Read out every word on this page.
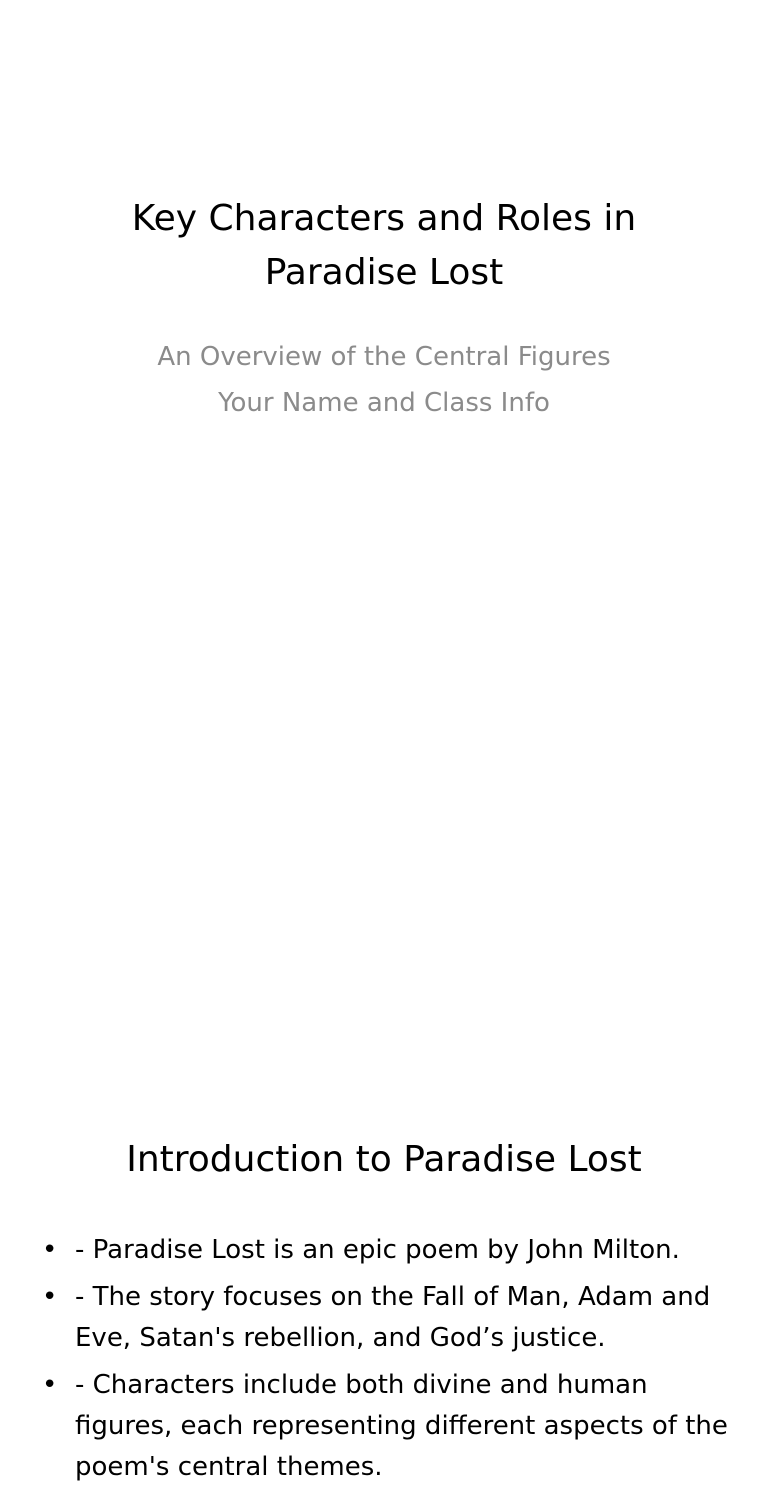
Key Characters and Roles in Paradise Lost
An Overview of the Central Figures
Your Name and Class Info
Introduction to Paradise Lost
• - Paradise Lost is an epic poem by John Milton.
• - The story focuses on the Fall of Man, Adam and Eve, Satan's rebellion, and God’s justice.
• - Characters include both divine and human figures, each representing different aspects of the poem's central themes.
